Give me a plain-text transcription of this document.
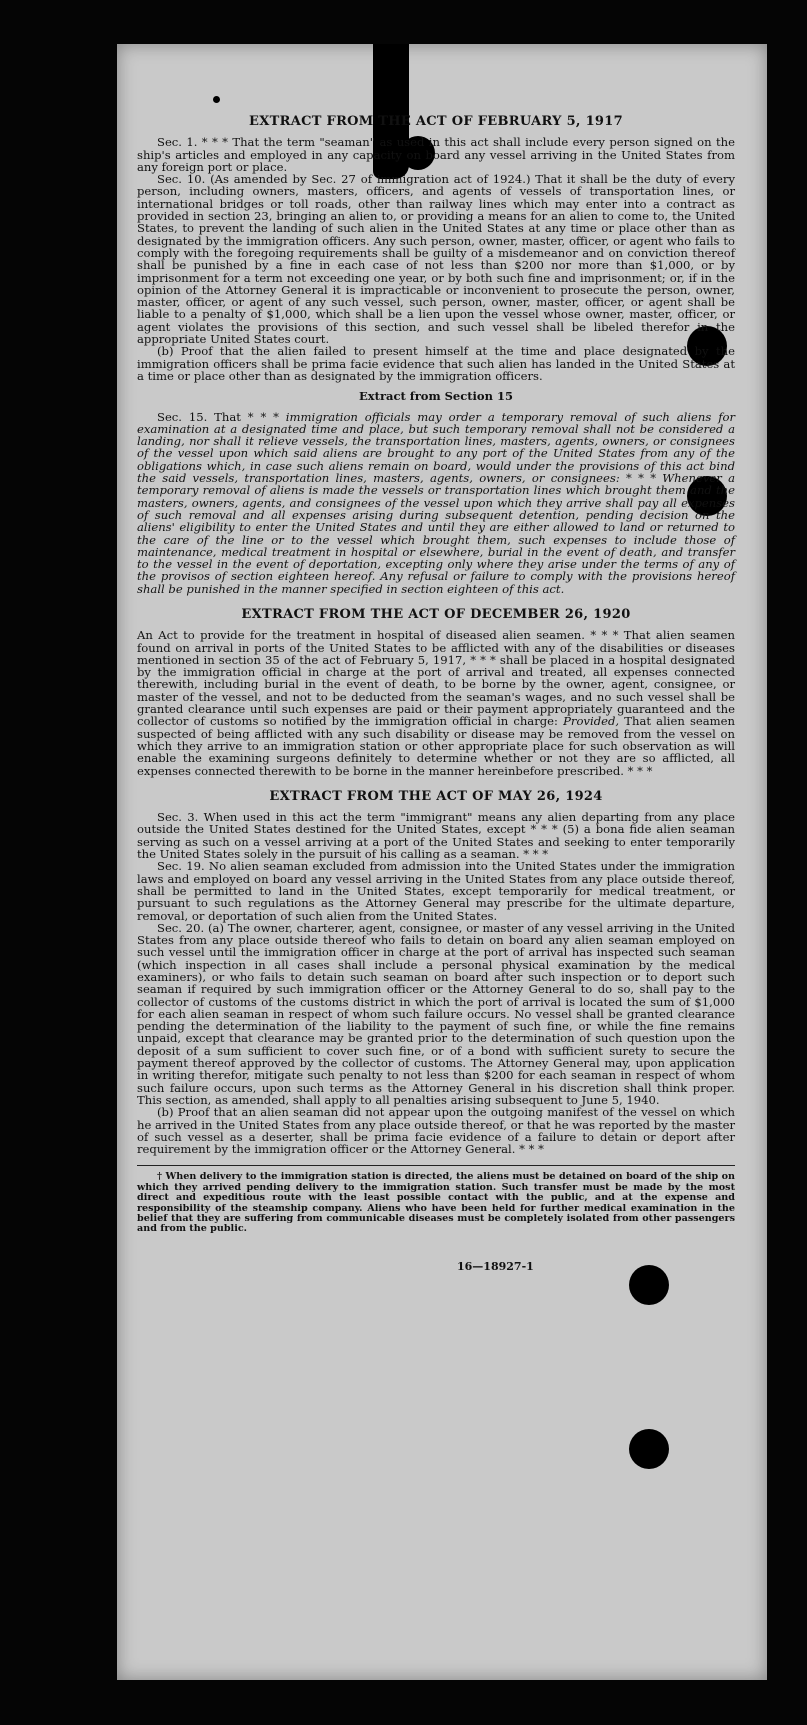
EXTRACT FROM THE ACT OF FEBRUARY 5, 1917

Sec. 1. * * * That the term "seaman" as used in this act shall include every person signed on the ship's articles and employed in any capacity on board any vessel arriving in the United States from any foreign port or place.

Sec. 10. (As amended by Sec. 27 of immigration act of 1924.) That it shall be the duty of every person, including owners, masters, officers, and agents of vessels of transportation lines, or international bridges or toll roads, other than railway lines which may enter into a contract as provided in section 23, bringing an alien to, or providing a means for an alien to come to, the United States, to prevent the landing of such alien in the United States at any time or place other than as designated by the immigration officers. Any such person, owner, master, officer, or agent who fails to comply with the foregoing requirements shall be guilty of a misdemeanor and on conviction thereof shall be punished by a fine in each case of not less than $200 nor more than $1,000, or by imprisonment for a term not exceeding one year, or by both such fine and imprisonment; or, if in the opinion of the Attorney General it is impracticable or inconvenient to prosecute the person, owner, master, officer, or agent of any such vessel, such person, owner, master, officer, or agent shall be liable to a penalty of $1,000, which shall be a lien upon the vessel whose owner, master, officer, or agent violates the provisions of this section, and such vessel shall be libeled therefor in the appropriate United States court.

(b) Proof that the alien failed to present himself at the time and place designated by the immigration officers shall be prima facie evidence that such alien has landed in the United States at a time or place other than as designated by the immigration officers.

Extract from Section 15

Sec. 15. That * * * immigration officials may order a temporary removal of such aliens for examination at a designated time and place, but such temporary removal shall not be considered a landing, nor shall it relieve vessels, the transportation lines, masters, agents, owners, or consignees of the vessel upon which said aliens are brought to any port of the United States from any of the obligations which, in case such aliens remain on board, would under the provisions of this act bind the said vessels, transportation lines, masters, agents, owners, or consignees: * * * Whenever a temporary removal of aliens is made the vessels or transportation lines which brought them and the masters, owners, agents, and consignees of the vessel upon which they arrive shall pay all expenses of such removal and all expenses arising during subsequent detention, pending decision on the aliens' eligibility to enter the United States and until they are either allowed to land or returned to the care of the line or to the vessel which brought them, such expenses to include those of maintenance, medical treatment in hospital or elsewhere, burial in the event of death, and transfer to the vessel in the event of deportation, excepting only where they arise under the terms of any of the provisos of section eighteen hereof. Any refusal or failure to comply with the provisions hereof shall be punished in the manner specified in section eighteen of this act.

EXTRACT FROM THE ACT OF DECEMBER 26, 1920

An Act to provide for the treatment in hospital of diseased alien seamen. * * * That alien seamen found on arrival in ports of the United States to be afflicted with any of the disabilities or diseases mentioned in section 35 of the act of February 5, 1917, * * * shall be placed in a hospital designated by the immigration official in charge at the port of arrival and treated, all expenses connected therewith, including burial in the event of death, to be borne by the owner, agent, consignee, or master of the vessel, and not to be deducted from the seaman's wages, and no such vessel shall be granted clearance until such expenses are paid or their payment appropriately guaranteed and the collector of customs so notified by the immigration official in charge: Provided, That alien seamen suspected of being afflicted with any such disability or disease may be removed from the vessel on which they arrive to an immigration station or other appropriate place for such observation as will enable the examining surgeons definitely to determine whether or not they are so afflicted, all expenses connected therewith to be borne in the manner hereinbefore prescribed. * * *

EXTRACT FROM THE ACT OF MAY 26, 1924

Sec. 3. When used in this act the term "immigrant" means any alien departing from any place outside the United States destined for the United States, except * * * (5) a bona fide alien seaman serving as such on a vessel arriving at a port of the United States and seeking to enter temporarily the United States solely in the pursuit of his calling as a seaman. * * *

Sec. 19. No alien seaman excluded from admission into the United States under the immigration laws and employed on board any vessel arriving in the United States from any place outside thereof, shall be permitted to land in the United States, except temporarily for medical treatment, or pursuant to such regulations as the Attorney General may prescribe for the ultimate departure, removal, or deportation of such alien from the United States.

Sec. 20. (a) The owner, charterer, agent, consignee, or master of any vessel arriving in the United States from any place outside thereof who fails to detain on board any alien seaman employed on such vessel until the immigration officer in charge at the port of arrival has inspected such seaman (which inspection in all cases shall include a personal physical examination by the medical examiners), or who fails to detain such seaman on board after such inspection or to deport such seaman if required by such immigration officer or the Attorney General to do so, shall pay to the collector of customs of the customs district in which the port of arrival is located the sum of $1,000 for each alien seaman in respect of whom such failure occurs. No vessel shall be granted clearance pending the determination of the liability to the payment of such fine, or while the fine remains unpaid, except that clearance may be granted prior to the determination of such question upon the deposit of a sum sufficient to cover such fine, or of a bond with sufficient surety to secure the payment thereof approved by the collector of customs. The Attorney General may, upon application in writing therefor, mitigate such penalty to not less than $200 for each seaman in respect of whom such failure occurs, upon such terms as the Attorney General in his discretion shall think proper. This section, as amended, shall apply to all penalties arising subsequent to June 5, 1940.

(b) Proof that an alien seaman did not appear upon the outgoing manifest of the vessel on which he arrived in the United States from any place outside thereof, or that he was reported by the master of such vessel as a deserter, shall be prima facie evidence of a failure to detain or deport after requirement by the immigration officer or the Attorney General. * * *

† When delivery to the immigration station is directed, the aliens must be detained on board of the ship on which they arrived pending delivery to the immigration station. Such transfer must be made by the most direct and expeditious route with the least possible contact with the public, and at the expense and responsibility of the steamship company. Aliens who have been held for further medical examination in the belief that they are suffering from communicable diseases must be completely isolated from other passengers and from the public.

16—18927-1
